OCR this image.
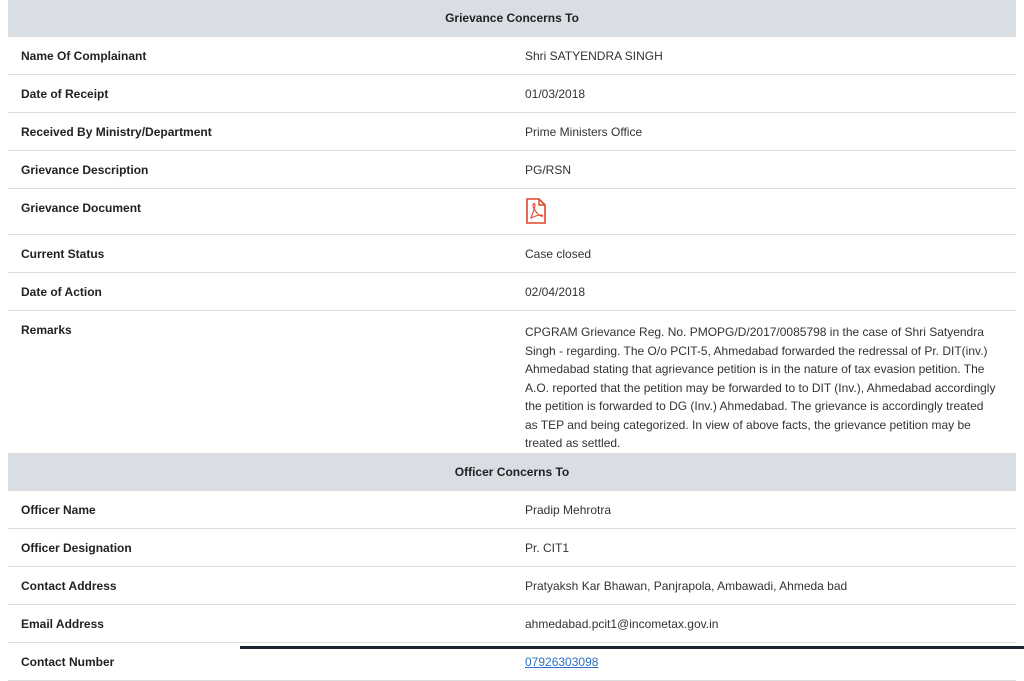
Grievance Concerns To	
Name Of Complainant	Shri SATYENDRA SINGH
Date of Receipt	01/03/2018
Received By Ministry/Department	Prime Ministers Office
Grievance Description	PG/RSN
Grievance Document	
Current Status	Case closed
Date of Action	02/04/2018
Remarks	CPGRAM Grievance Reg. No. PMOPG/D/2017/0085798 in the case of Shri Satyendra Singh - regarding. The O/o PCIT-5, Ahmedabad forwarded the redressal of Pr. DIT(inv.) Ahmedabad stating that agrievance petition is in the nature of tax evasion petition. The A.O. reported that the petition may be forwarded to to DIT (Inv.), Ahmedabad accordingly the petition is forwarded to DG (Inv.) Ahmedabad. The grievance is accordingly treated as TEP and being categorized. In view of above facts, the grievance petition may be treated as settled.
Officer Concerns To	
Officer Name	Pradip Mehrotra
Officer Designation	Pr. CIT1
Contact Address	Pratyaksh Kar Bhawan, Panjrapola, Ambawadi, Ahmeda bad
Email Address	ahmedabad.pcit1@incometax.gov.in
Contact Number	07926303098
